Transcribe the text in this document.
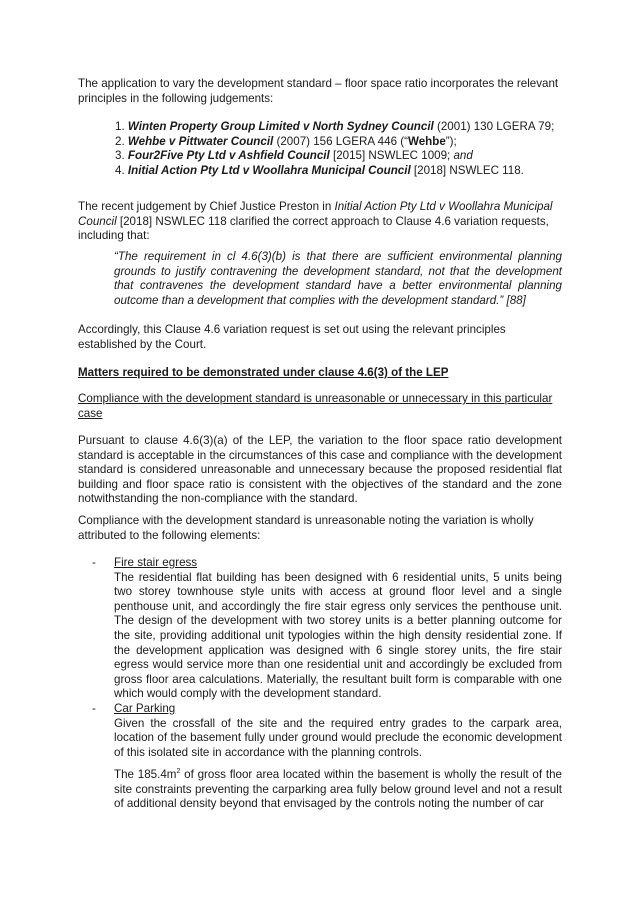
The application to vary the development standard – floor space ratio incorporates the relevant principles in the following judgements:

1. Winten Property Group Limited v North Sydney Council (2001) 130 LGERA 79;
2. Wehbe v Pittwater Council (2007) 156 LGERA 446 (“Wehbe”);
3. Four2Five Pty Ltd v Ashfield Council [2015] NSWLEC 1009; and
4. Initial Action Pty Ltd v Woollahra Municipal Council [2018] NSWLEC 118.

The recent judgement by Chief Justice Preston in Initial Action Pty Ltd v Woollahra Municipal Council [2018] NSWLEC 118 clarified the correct approach to Clause 4.6 variation requests, including that:

“The requirement in cl 4.6(3)(b) is that there are sufficient environmental planning grounds to justify contravening the development standard, not that the development that contravenes the development standard have a better environmental planning outcome than a development that complies with the development standard.” [88]

Accordingly, this Clause 4.6 variation request is set out using the relevant principles established by the Court.

Matters required to be demonstrated under clause 4.6(3) of the LEP

Compliance with the development standard is unreasonable or unnecessary in this particular case

Pursuant to clause 4.6(3)(a) of the LEP, the variation to the floor space ratio development standard is acceptable in the circumstances of this case and compliance with the development standard is considered unreasonable and unnecessary because the proposed residential flat building and floor space ratio is consistent with the objectives of the standard and the zone notwithstanding the non-compliance with the standard.

Compliance with the development standard is unreasonable noting the variation is wholly attributed to the following elements:

- Fire stair egress

The residential flat building has been designed with 6 residential units, 5 units being two storey townhouse style units with access at ground floor level and a single penthouse unit, and accordingly the fire stair egress only services the penthouse unit. The design of the development with two storey units is a better planning outcome for the site, providing additional unit typologies within the high density residential zone. If the development application was designed with 6 single storey units, the fire stair egress would service more than one residential unit and accordingly be excluded from gross floor area calculations. Materially, the resultant built form is comparable with one which would comply with the development standard.

- Car Parking

Given the crossfall of the site and the required entry grades to the carpark area, location of the basement fully under ground would preclude the economic development of this isolated site in accordance with the planning controls.

The $185.4m^2$ of gross floor area located within the basement is wholly the result of the site constraints preventing the carparking area fully below ground level and not a result of additional density beyond that envisaged by the controls noting the number of car
